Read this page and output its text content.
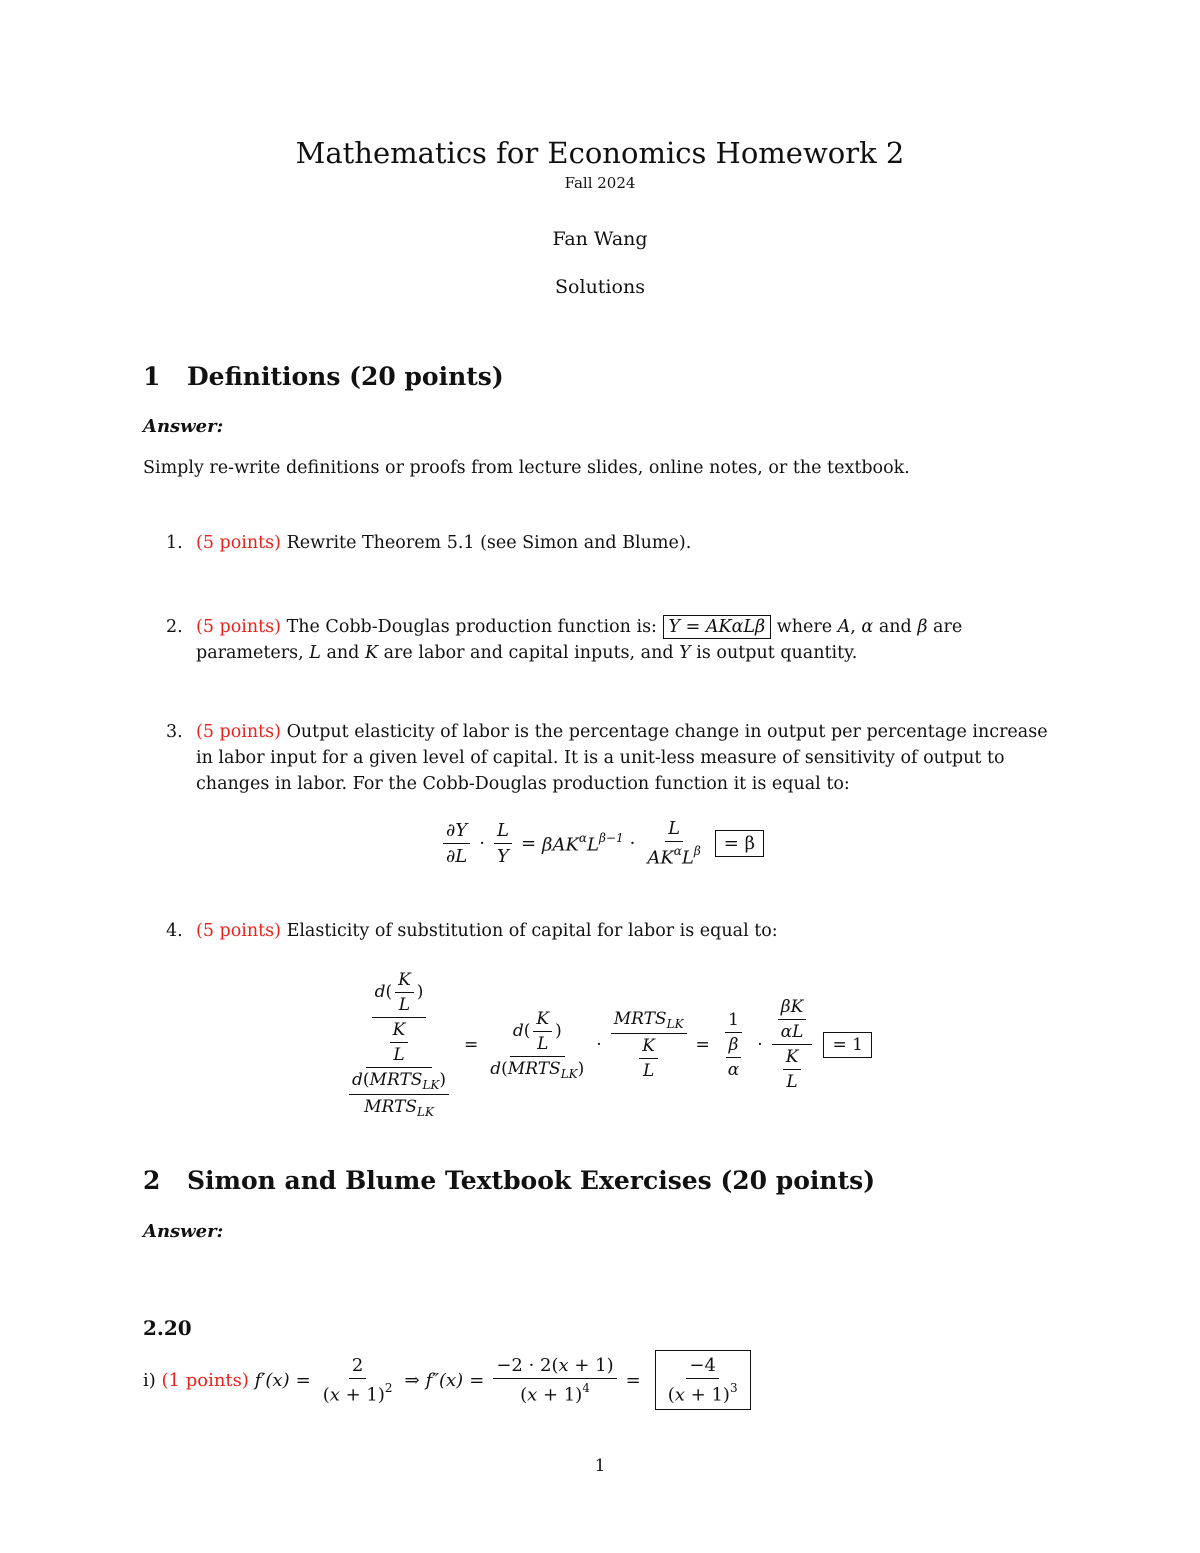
Mathematics for Economics Homework 2
Fall 2024
Fan Wang
Solutions
1 Definitions (20 points)
Answer:
Simply re-write definitions or proofs from lecture slides, online notes, or the textbook.
1. (5 points) Rewrite Theorem 5.1 (see Simon and Blume).
2. (5 points) The Cobb-Douglas production function is: Y = AKαLβ where A, α and β are
parameters, L and K are labor and capital inputs, and Y is output quantity.
3. (5 points) Output elasticity of labor is the percentage change in output per percentage increase
in labor input for a given level of capital. It is a unit-less measure of sensitivity of output to
changes in labor. For the Cobb-Douglas production function it is equal to:
$\frac{\partial Y}{\partial L} \cdot \frac{L}{Y} = \beta AK^\alpha L^{\beta-1} \cdot \frac{L}{AK^\alpha L^\beta}$	= β
4. (5 points) Elasticity of substitution of capital for labor is equal to:
$\frac{\frac{d( \frac{K}{L} )}{\frac{K}{L}}}{\frac{d(MRTS_{LK})}{MRTS_{LK}}} = \frac{d( \frac{K}{L} )}{d(MRTS_{LK})} \cdot \frac{MRTS_{LK}}{\frac{K}{L}} = \frac{1}{\frac{\beta}{\alpha}} \cdot \frac{\frac{\beta K}{\alpha L}}{\frac{K}{L}}$	= 1
2 Simon and Blume Textbook Exercises (20 points)
Answer:
2.20
i)
(1 points)
$f'(x) = \frac{2}{(x + 1)^2}$ ⇒ $f''(x) = \frac{-2 \cdot 2(x + 1)}{(x + 1)^4} = \frac{-4}{(x + 1)^3}$
1
